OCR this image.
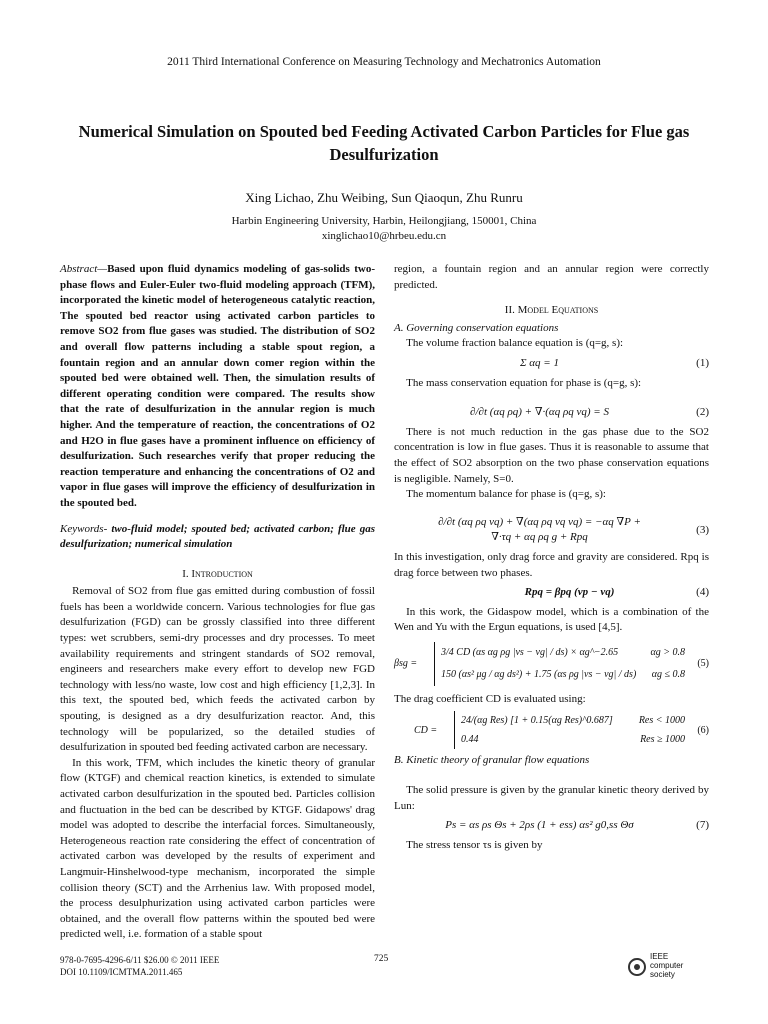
2011 Third International Conference on Measuring Technology and Mechatronics Automation
Numerical Simulation on Spouted bed Feeding Activated Carbon Particles for Flue gas Desulfurization
Xing Lichao, Zhu Weibing, Sun Qiaoqun, Zhu Runru
Harbin Engineering University, Harbin, Heilongjiang, 150001, China
xinglichao10@hrbeu.edu.cn

Abstract—Based upon fluid dynamics modeling of gas-solids two-phase flows and Euler-Euler two-fluid modeling approach (TFM), incorporated the kinetic model of heterogeneous catalytic reaction, The spouted bed reactor using activated carbon particles to remove SO2 from flue gases was studied. The distribution of SO2 and overall flow patterns including a stable spout region, a fountain region and an annular down comer region within the spouted bed were obtained well. Then, the simulation results of different operating condition were compared. The results show that the rate of desulfurization in the annular region is much higher. And the temperature of reaction, the concentrations of O2 and H2O in flue gases have a prominent influence on efficiency of desulfurization. Such researches verify that proper reducing the reaction temperature and enhancing the concentrations of O2 and vapor in flue gases will improve the efficiency of desulfurization in the spouted bed.

Keywords- two-fluid model; spouted bed; activated carbon; flue gas desulfurization; numerical simulation

I. Introduction

Removal of SO2 from flue gas emitted during combustion of fossil fuels has been a worldwide concern. Various technologies for flue gas desulfurization (FGD) can be grossly classified into three different types: wet scrubbers, semi-dry processes and dry processes. To meet availability requirements and stringent standards of SO2 removal, engineers and researchers make every effort to develop new FGD technology with less/no waste, low cost and high efficiency [1,2,3]. In this text, the spouted bed, which feeds the activated carbon by spouting, is designed as a dry desulfurization reactor. And, this technology will be popularized, so the detailed studies of desulfurization in spouted bed feeding activated carbon are necessary.

In this work, TFM, which includes the kinetic theory of granular flow (KTGF) and chemical reaction kinetics, is extended to simulate activated carbon desulfurization in the spouted bed. Particles collision and fluctuation in the bed can be described by KTGF. Gidapows' drag model was adopted to describe the interfacial forces. Simultaneously, Heterogeneous reaction rate considering the effect of concentration of activated carbon was developed by the results of experiment and Langmuir-Hinshelwood-type mechanism, incorporated the simple collision theory (SCT) and the Arrhenius law. With proposed model, the process desulphurization using activated carbon particles were obtained, and the overall flow patterns within the spouted bed were predicted well, i.e. formation of a stable spout

region, a fountain region and an annular region were correctly predicted.

II. Model Equations
A. Governing conservation equations

The volume fraction balance equation is (q=g, s):

Σ αq = 1	(1)

The mass conservation equation for phase is (q=g, s):

∂/∂t (αq ρq) + ∇·(αq ρq vq) = S	(2)

There is not much reduction in the gas phase due to the SO2 concentration is low in flue gases. Thus it is reasonable to assume that the effect of SO2 absorption on the two phase conservation equations is negligible. Namely, S=0.

The momentum balance for phase is (q=g, s):

∂/∂t (αq ρq vq) + ∇(αq ρq vq vq) = −αq ∇P +
∇·τq + αq ρq g + Rpq
(3)

In this investigation, only drag force and gravity are considered. Rpq is drag force between two phases.

Rpq = βpq (vp − vq)	(4)

In this work, the Gidaspow model, which is a combination of the Wen and Yu with the Ergun equations, is used [4,5].

βsg =
3/4 CD (αs αg ρg |vs − vg| / ds) × αg^−2.65	αg > 0.8
150 (αs² μg / αg ds²) + 1.75 (αs ρg |vs − vg| / ds) αg ≤ 0.8
(5)

The drag coefficient CD is evaluated using:

CD =
24/(αg Res) [1 + 0.15(αg Res)^0.687]	Res < 1000
0.44	Res ≥ 1000
(6)
B. Kinetic theory of granular flow equations

The solid pressure is given by the granular kinetic theory derived by Lun:

Ps = αs ρs Θs + 2ρs (1 + ess) αs² g0,ss Θσ	(7)

The stress tensor τs is given by

978-0-7695-4296-6/11 $26.00 © 2011 IEEE
DOI 10.1109/ICMTMA.2011.465
725	IEEE
computer
society
